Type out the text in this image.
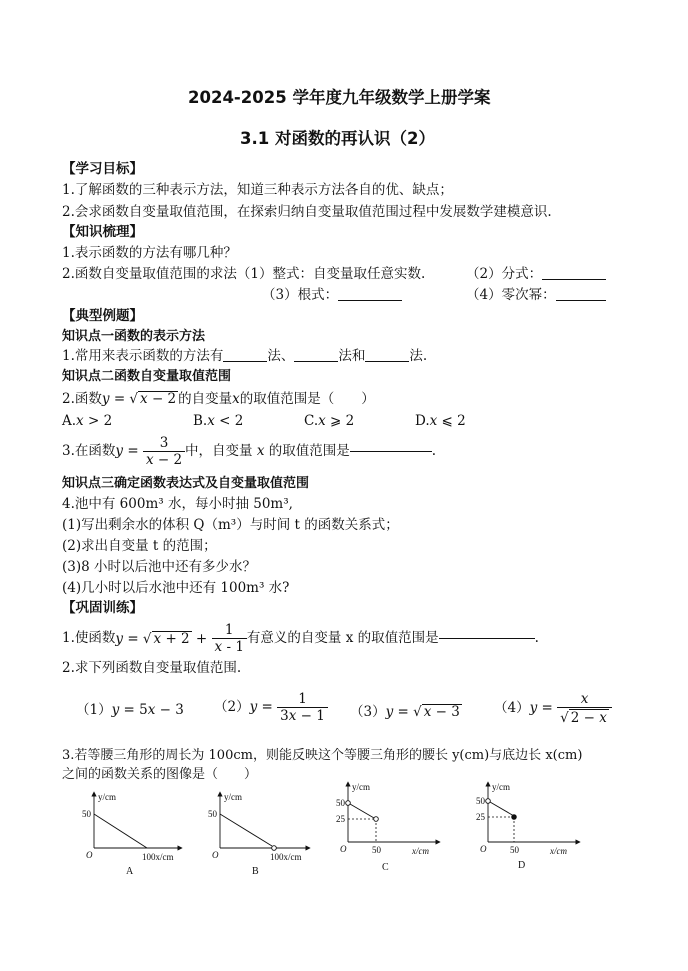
2024-2025 学年度九年级数学上册学案
3.1 对函数的再认识（2）
【学习目标】
1.了解函数的三种表示方法，知道三种表示方法各自的优、缺点；
2.会求函数自变量取值范围，在探索归纳自变量取值范围过程中发展数学建模意识.
【知识梳理】
1.表示函数的方法有哪几种？
2.函数自变量取值范围的求法（1）整式：自变量取任意实数.	（2）分式：
（3）根式：	（4）零次幂：
【典型例题】
知识点一函数的表示方法
1.常用来表示函数的方法有	法、	法和	法.
知识点二函数自变量取值范围
2.函数y = √ x − 2 的自变量x的取值范围是（　　）
A.x > 2	B.x < 2	C.x ⩾ 2	D.x ⩽ 2
3.在函数$y = \frac{3}{x - 2}$ 中，自变量 x 的取值范围是	.
知识点三确定函数表达式及自变量取值范围
4.池中有 600m³ 水，每小时抽 50m³,
(1)写出剩余水的体积 Q（m³）与时间 t 的函数关系式；
(2)求出自变量 t 的范围；
(3)8 小时以后池中还有多少水？
(4)几小时以后水池中还有 100m³ 水?
【巩固训练】
1.使函数y = √ $x + 2 + \frac{1}{x - 1}$ 有意义的自变量 x 的取值范围是	.
2.求下列函数自变量取值范围.
（1）y = 5x − 3 $(2)y = \frac{1}{3x - 1} (3)y$ = √ x − 3	$(4)y = \frac{x}{√ 2 - x}$
3.若等腰三角形的周长为 100cm，则能反映这个等腰三角形的腰长 y(cm)与底边长 x(cm)
之间的函数关系的图像是（　　）
y/cm
50
O	100x/cm
A
y/cm
50
O	100x/cm
B
y/cm
50
25
O	50	x/cm
C
y/cm
50
25
O	50	x/cm
D
